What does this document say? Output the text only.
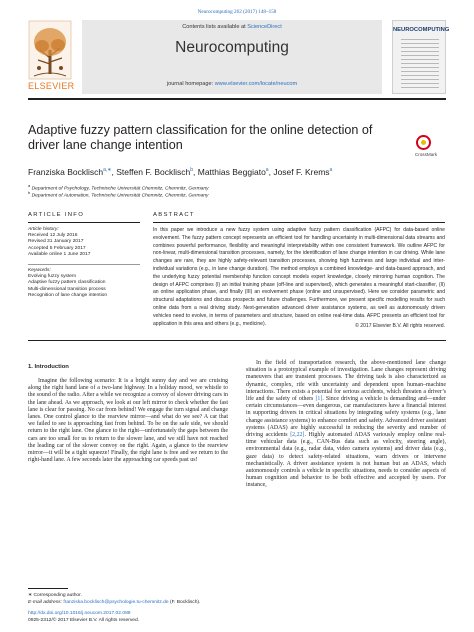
Neurocomputing 262 (2017) 148–158
ELSEVIER
Contents lists available at ScienceDirect
Neurocomputing
journal homepage: www.elsevier.com/locate/neucom
NEUROCOMPUTING
Adaptive fuzzy pattern classification for the online detection of driver lane change intention
CrossMark
Franziska Bocklisch$^{a,∗}$, Steffen F. Bocklisch$^b$, Matthias Beggiato$^a$, Josef F. Krems$^a$
$^a$ Department of Psychology, Technische Universität Chemnitz, Chemnitz, Germany
$^b$ Department of Automation, Technische Universität Chemnitz, Chemnitz, Germany
ARTICLE INFO	ABSTRACT
Article history:
Received 12 July 2016
Revised 31 January 2017
Accepted 5 February 2017
Available online 1 June 2017
Keywords:
Evolving fuzzy system
Adaptive fuzzy pattern classification
Multi-dimensional transition process
Recognition of lane change intention
In this paper we introduce a new fuzzy system using adaptive fuzzy pattern classification (AFPC) for data-based online evolvement. The fuzzy pattern concept represents an efficient tool for handling uncertainty in multi-dimensional data streams and combines powerful performance, flexibility and meaningful interpretability within one consistent framework. We outline AFPC for non-linear, multi-dimensional transition processes, namely, for the identification of lane change intention in car driving. While lane changes are rare, they are highly safety-relevant transition processes, showing high fuzziness and large individual and inter-individual variations (e.g., in lane change duration). The method employs a combined knowledge- and data-based approach, and the underlying fuzzy potential membership function concept models expert knowledge, closely mirroring human cognition. The design of AFPC comprises (I) an initial training phase (off-line and supervised), which generates a meaningful start-classifier, (II) an online application phase, and finally (III) an evolvement phase (online and unsupervised). Here we consider parametric and structural adaptations and discuss prospects and future challenges. Furthermore, we present specific modelling results for such online data from a real driving study. Next-generation advanced driver assistance systems, as well as autonomously driven vehicles need to evolve, in terms of parameters and structure, based on online real-time data. AFPC presents an efficient tool for application in this area and others (e.g., medicine).	© 2017 Elsevier B.V. All rights reserved.
1. Introduction

Imagine the following scenario: It is a bright sunny day and we are cruising along the right hand lane of a two-lane highway. In a holiday mood, we whistle to the sound of the radio. After a while we recognize a convoy of slower driving cars in the lane ahead. As we approach, we look at our left mirror to check whether the fast lane is clear for passing. No car from behind! We engage the turn signal and change lanes. One control glance to the rearview mirror—and what do we see? A car that we failed to see is approaching fast from behind. To be on the safe side, we should return to the right lane. One glance to the right—unfortunately the gaps between the cars are too small for us to return to the slower lane, and we still have not reached the leading car of the slower convoy on the right. Again, a glance to the rearview mirror—it will be a tight squeeze! Finally, the right lane is free and we return to the right-hand lane. A few seconds later the approaching car speeds past us!

In the field of transportation research, the above-mentioned lane change situation is a prototypical example of investigation. Lane changes represent driving maneuvers that are transient processes. The driving task is also characterized as dynamic, complex, rife with uncertainty and dependent upon human–machine interactions. There exists a potential for serious accidents, which threaten a driver’s life and the safety of others [1]. Since driving a vehicle is demanding and—under certain circumstances—even dangerous, car manufacturers have a financial interest in supporting drivers in critical situations by integrating safety systems (e.g., lane change assistance systems) to enhance comfort and safety. Advanced driver assistant systems (ADAS) are highly successful in reducing the severity and number of driving accidents [2,22]. Highly automated ADAS variously employ online real-time vehicular data (e.g., CAN-Bus data such as velocity, steering angle), environmental data (e.g., radar data, video camera systems) and driver data (e.g., gaze data) to detect safety-related situations, warn drivers or intervene mechanistically. A driver assistance system is not human but an ADAS, which autonomously controls a vehicle in specific situations, needs to consider aspects of human cognition and behavior to be both effective and accepted by users. For instance,

∗ Corresponding author.
E-mail address: franziska.bocklisch@psychologie.tu-chemnitz.de (F. Bocklisch).
http://dx.doi.org/10.1016/j.neucom.2017.02.089
0925-2312/© 2017 Elsevier B.V. All rights reserved.
